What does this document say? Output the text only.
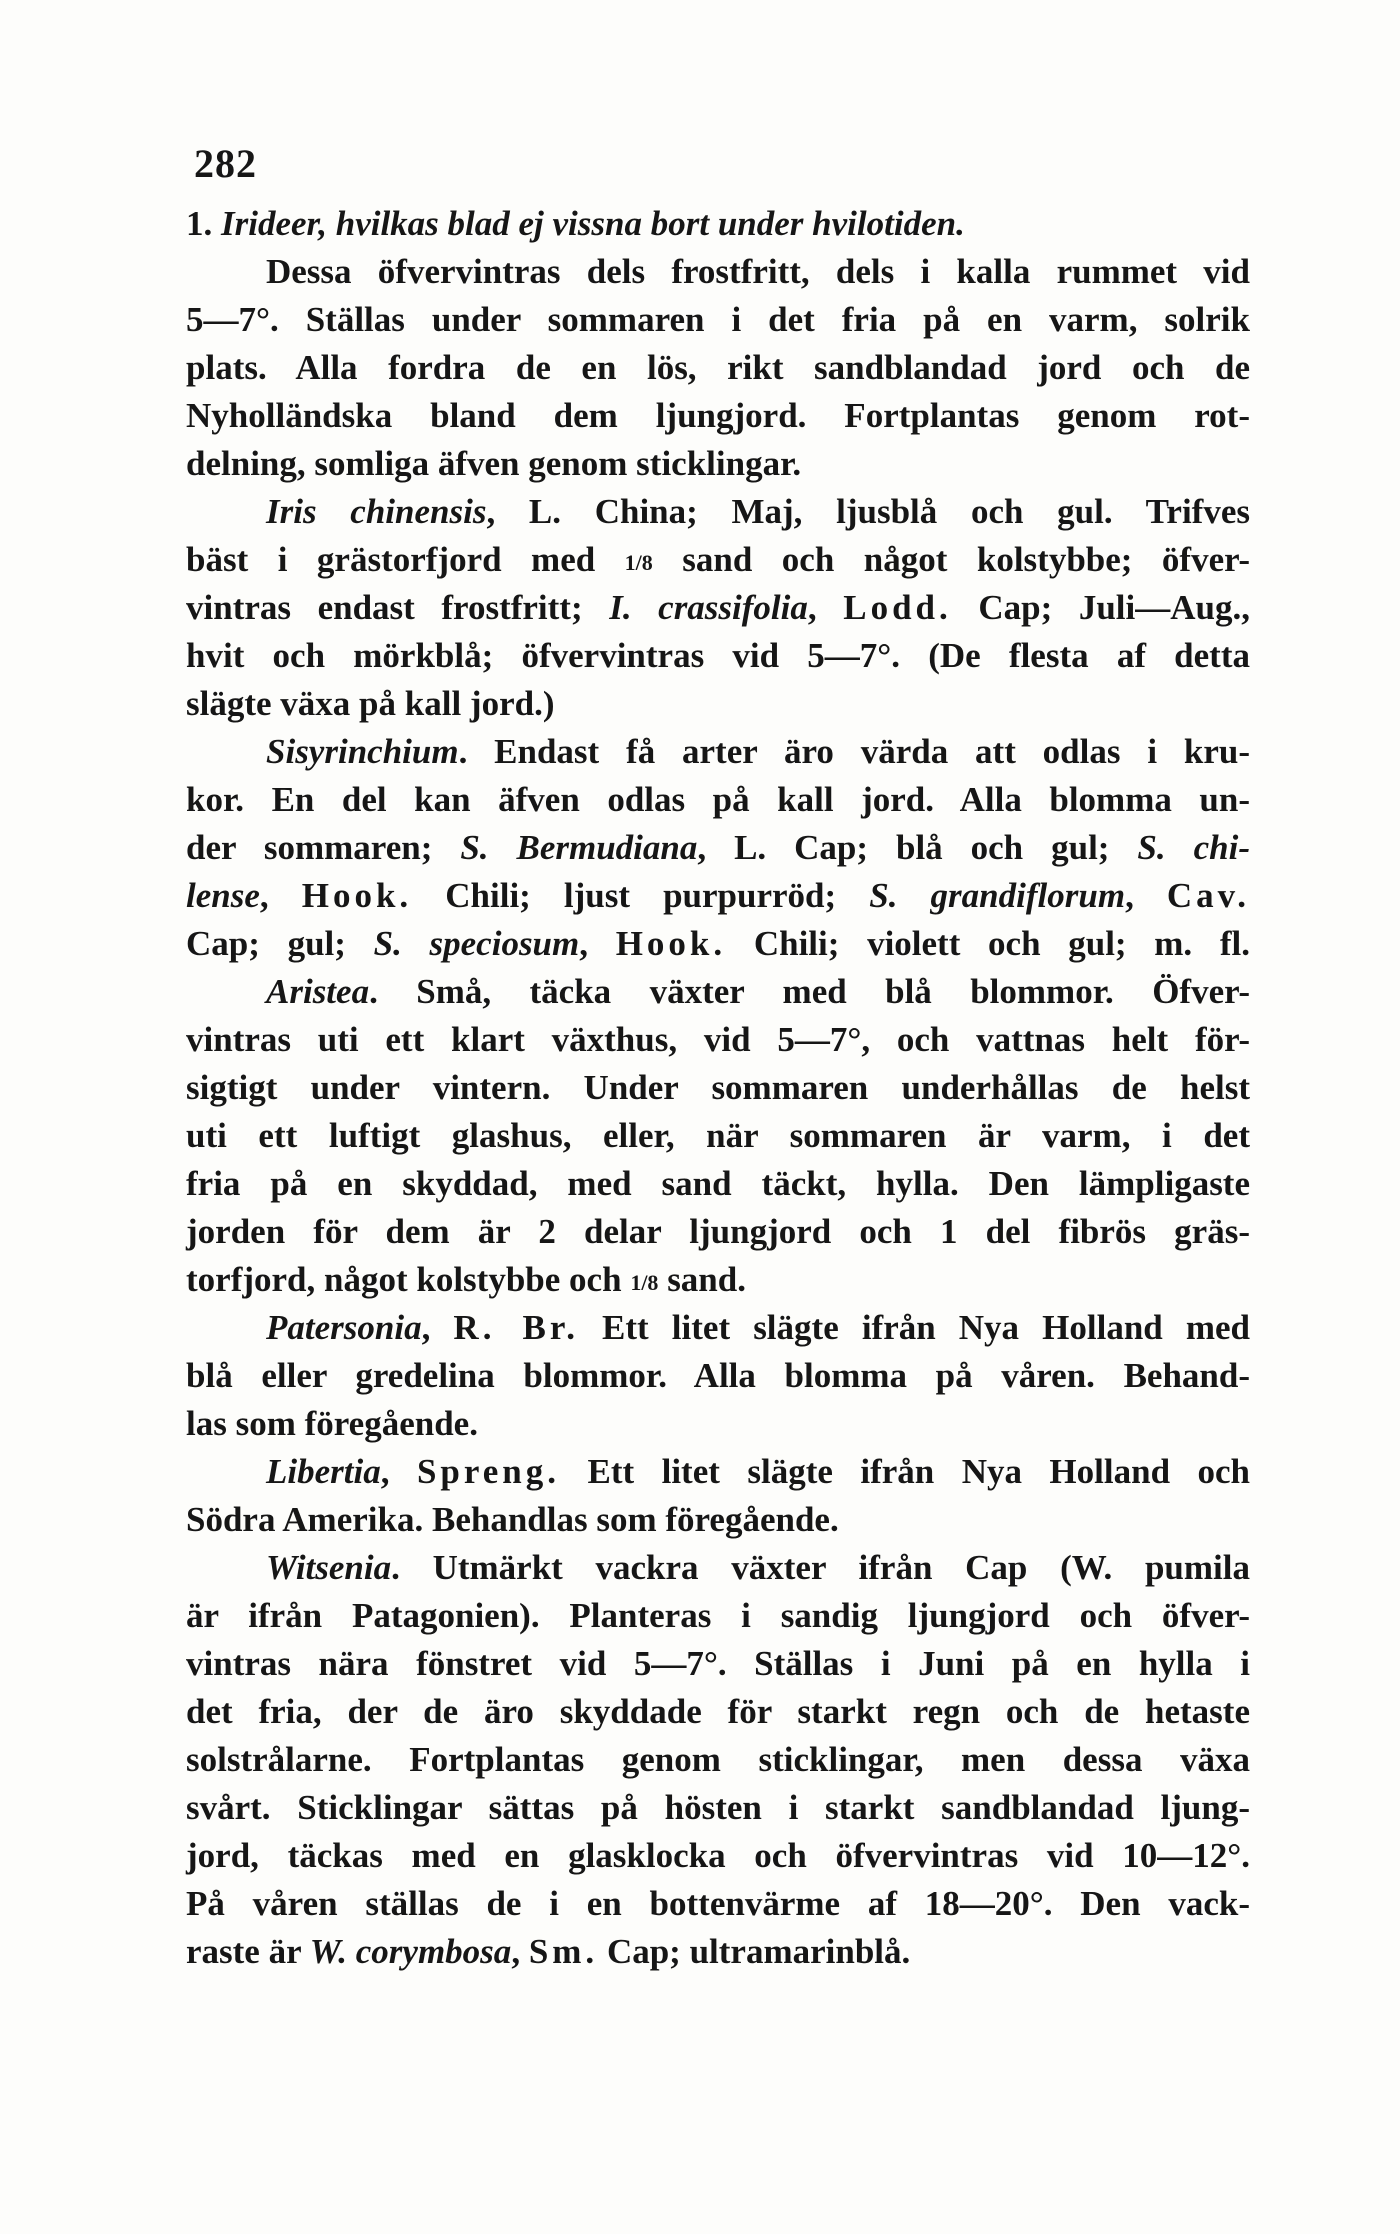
282
1. Irideer, hvilkas blad ej vissna bort under hvilotiden.
Dessa öfvervintras dels frostfritt, dels i kalla rummet vid
5—7°. Ställas under sommaren i det fria på en varm, solrik
plats. Alla fordra de en lös, rikt sandblandad jord och de
Nyholländska bland dem ljungjord. Fortplantas genom rot-
delning, somliga äfven genom sticklingar.
Iris chinensis, L. China; Maj, ljusblå och gul. Trifves
bäst i grästorfjord med 1/8 sand och något kolstybbe; öfver-
vintras endast frostfritt; I. crassifolia, Lodd. Cap; Juli—Aug.,
hvit och mörkblå; öfvervintras vid 5—7°. (De flesta af detta
slägte växa på kall jord.)
Sisyrinchium. Endast få arter äro värda att odlas i kru-
kor. En del kan äfven odlas på kall jord. Alla blomma un-
der sommaren; S. Bermudiana, L. Cap; blå och gul; S. chi-
lense, Hook. Chili; ljust purpurröd; S. grandiflorum, Cav.
Cap; gul; S. speciosum, Hook. Chili; violett och gul; m. fl.
Aristea. Små, täcka växter med blå blommor. Öfver-
vintras uti ett klart växthus, vid 5—7°, och vattnas helt för-
sigtigt under vintern. Under sommaren underhållas de helst
uti ett luftigt glashus, eller, när sommaren är varm, i det
fria på en skyddad, med sand täckt, hylla. Den lämpligaste
jorden för dem är 2 delar ljungjord och 1 del fibrös gräs-
torfjord, något kolstybbe och 1/8 sand.
Patersonia, R. Br. Ett litet slägte ifrån Nya Holland med
blå eller gredelina blommor. Alla blomma på våren. Behand-
las som föregående.
Libertia, Spreng. Ett litet slägte ifrån Nya Holland och
Södra Amerika. Behandlas som föregående.
Witsenia. Utmärkt vackra växter ifrån Cap (W. pumila
är ifrån Patagonien). Planteras i sandig ljungjord och öfver-
vintras nära fönstret vid 5—7°. Ställas i Juni på en hylla i
det fria, der de äro skyddade för starkt regn och de hetaste
solstrålarne. Fortplantas genom sticklingar, men dessa växa
svårt. Sticklingar sättas på hösten i starkt sandblandad ljung-
jord, täckas med en glasklocka och öfvervintras vid 10—12°.
På våren ställas de i en bottenvärme af 18—20°. Den vack-
raste är W. corymbosa, Sm. Cap; ultramarinblå.
